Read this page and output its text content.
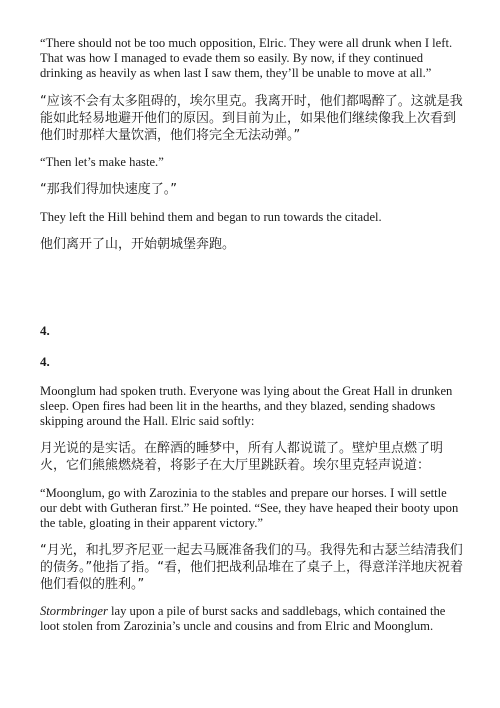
“There should not be too much opposition, Elric. They were all drunk when I left. That was how I managed to evade them so easily. By now, if they continued drinking as heavily as when last I saw them, they’ll be unable to move at all.”

“应该不会有太多阻碍的，埃尔里克。我离开时，他们都喝醉了。这就是我能如此轻易地避开他们的原因。到目前为止，如果他们继续像我上次看到他们时那样大量饮酒，他们将完全无法动弹。”

“Then let’s make haste.”

“那我们得加快速度了。”

They left the Hill behind them and began to run towards the citadel.

他们离开了山，开始朝城堡奔跑。

4.
4.

Moonglum had spoken truth. Everyone was lying about the Great Hall in drunken sleep. Open fires had been lit in the hearths, and they blazed, sending shadows skipping around the Hall. Elric said softly:

月光说的是实话。在醉酒的睡梦中，所有人都说谎了。壁炉里点燃了明火，它们熊熊燃烧着，将影子在大厅里跳跃着。埃尔里克轻声说道：

“Moonglum, go with Zarozinia to the stables and prepare our horses. I will settle our debt with Gutheran first.” He pointed. “See, they have heaped their booty upon the table, gloating in their apparent victory.”

“月光，和扎罗齐尼亚一起去马厩准备我们的马。我得先和古瑟兰结清我们的债务。”他指了指。“看，他们把战利品堆在了桌子上，得意洋洋地庆祝着他们看似的胜利。”

Stormbringer lay upon a pile of burst sacks and saddlebags, which contained the loot stolen from Zarozinia’s uncle and cousins and from Elric and Moonglum.
